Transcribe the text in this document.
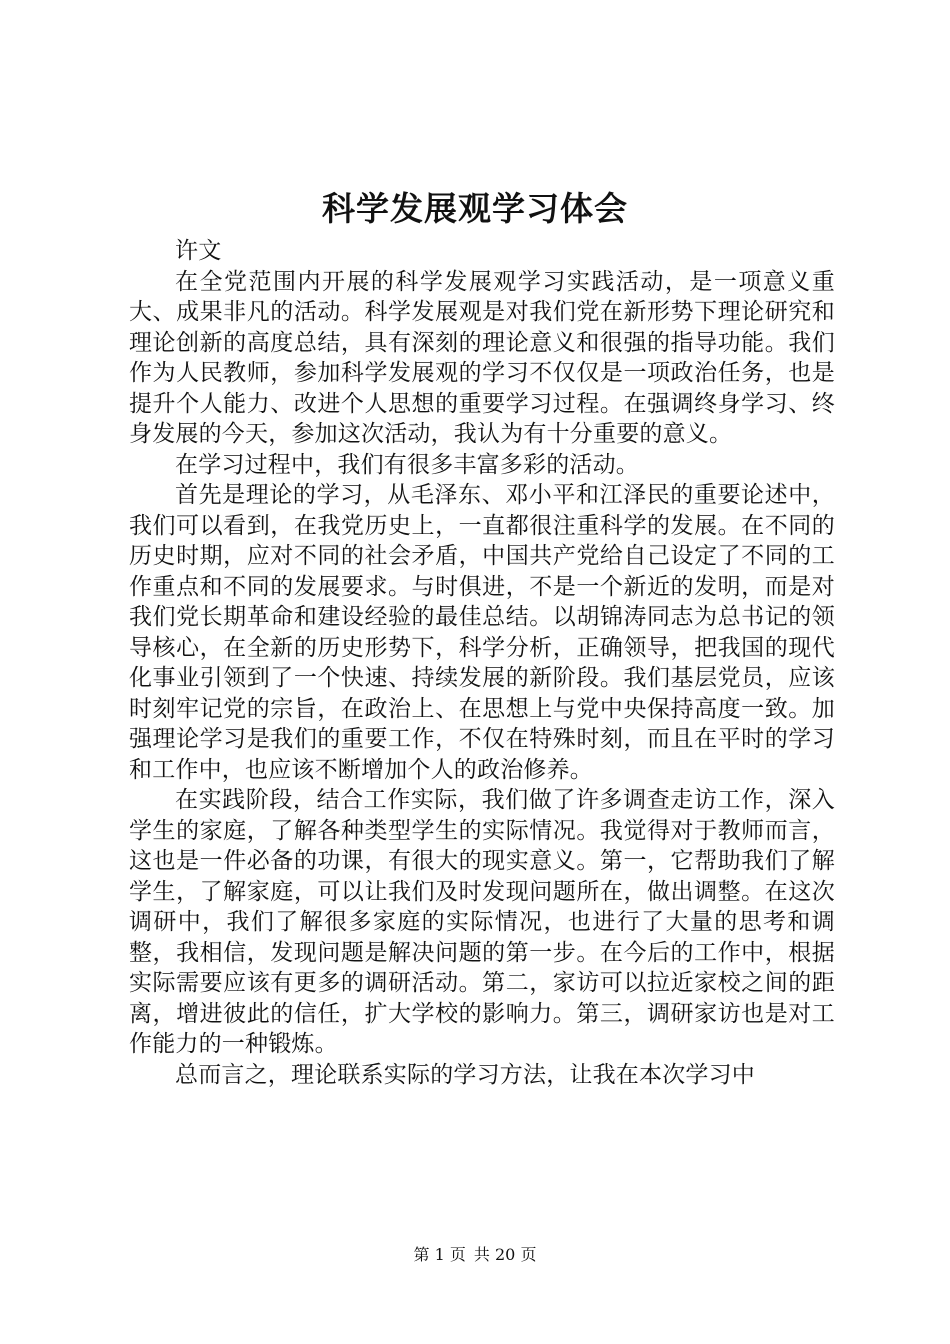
科学发展观学习体会

许文

在全党范围内开展的科学发展观学习实践活动，是一项意义重大、成果非凡的活动。科学发展观是对我们党在新形势下理论研究和理论创新的高度总结，具有深刻的理论意义和很强的指导功能。我们作为人民教师，参加科学发展观的学习不仅仅是一项政治任务，也是提升个人能力、改进个人思想的重要学习过程。在强调终身学习、终身发展的今天，参加这次活动，我认为有十分重要的意义。

在学习过程中，我们有很多丰富多彩的活动。

首先是理论的学习，从毛泽东、邓小平和江泽民的重要论述中，我们可以看到，在我党历史上，一直都很注重科学的发展。在不同的历史时期，应对不同的社会矛盾，中国共产党给自己设定了不同的工作重点和不同的发展要求。与时俱进，不是一个新近的发明，而是对我们党长期革命和建设经验的最佳总结。以胡锦涛同志为总书记的领导核心，在全新的历史形势下，科学分析，正确领导，把我国的现代化事业引领到了一个快速、持续发展的新阶段。我们基层党员，应该时刻牢记党的宗旨，在政治上、在思想上与党中央保持高度一致。加强理论学习是我们的重要工作，不仅在特殊时刻，而且在平时的学习和工作中，也应该不断增加个人的政治修养。

在实践阶段，结合工作实际，我们做了许多调查走访工作，深入学生的家庭，了解各种类型学生的实际情况。我觉得对于教师而言，这也是一件必备的功课，有很大的现实意义。第一，它帮助我们了解学生，了解家庭，可以让我们及时发现问题所在，做出调整。在这次调研中，我们了解很多家庭的实际情况，也进行了大量的思考和调整，我相信，发现问题是解决问题的第一步。在今后的工作中，根据实际需要应该有更多的调研活动。第二，家访可以拉近家校之间的距离，增进彼此的信任，扩大学校的影响力。第三，调研家访也是对工作能力的一种锻炼。

总而言之，理论联系实际的学习方法，让我在本次学习中

第 1 页 共 20 页
